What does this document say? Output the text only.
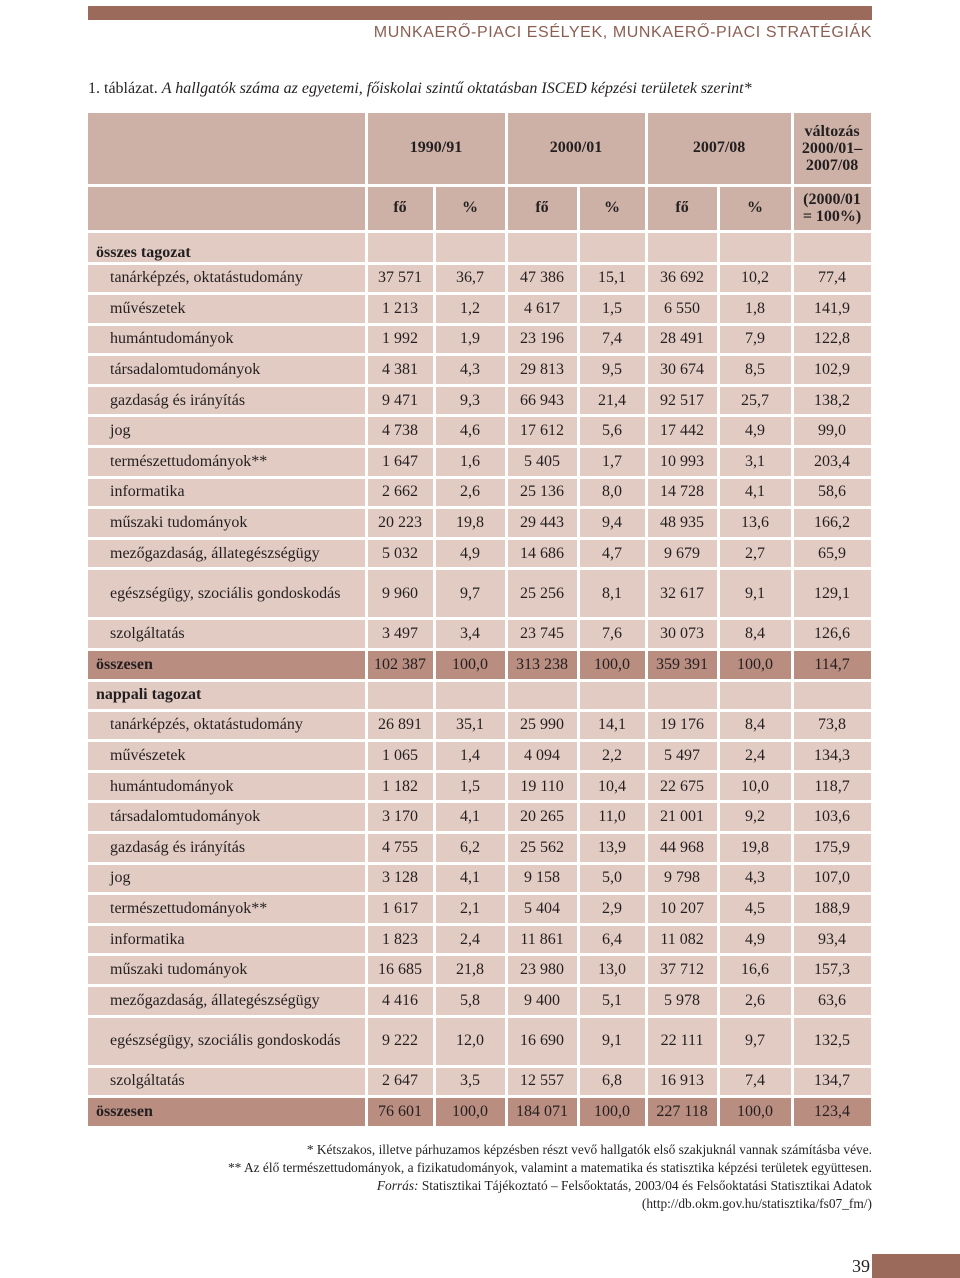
MUNKAERŐ-PIACI ESÉLYEK, MUNKAERŐ-PIACI STRATÉGIÁK
1. táblázat. A hallgatók száma az egyetemi, főiskolai szintű oktatásban ISCED képzési területek szerint*
	1990/91		2000/01		2007/08		változás
2000/01–
2007/08
	fő	%	fő	%	fő	%	(2000/01
= 100%)
összes tagozat							
tanárképzés, oktatástudomány	37 571	36,7	47 386	15,1	36 692	10,2	77,4
művészetek	1 213	1,2	4 617	1,5	6 550	1,8	141,9
humántudományok	1 992	1,9	23 196	7,4	28 491	7,9	122,8
társadalomtudományok	4 381	4,3	29 813	9,5	30 674	8,5	102,9
gazdaság és irányítás	9 471	9,3	66 943	21,4	92 517	25,7	138,2
jog	4 738	4,6	17 612	5,6	17 442	4,9	99,0
természettudományok**	1 647	1,6	5 405	1,7	10 993	3,1	203,4
informatika	2 662	2,6	25 136	8,0	14 728	4,1	58,6
műszaki tudományok	20 223	19,8	29 443	9,4	48 935	13,6	166,2
mezőgazdaság, állategészségügy	5 032	4,9	14 686	4,7	9 679	2,7	65,9
egészségügy, szociális gondoskodás	9 960	9,7	25 256	8,1	32 617	9,1	129,1
szolgáltatás	3 497	3,4	23 745	7,6	30 073	8,4	126,6
összesen	102 387	100,0	313 238	100,0	359 391	100,0	114,7
nappali tagozat							
tanárképzés, oktatástudomány	26 891	35,1	25 990	14,1	19 176	8,4	73,8
művészetek	1 065	1,4	4 094	2,2	5 497	2,4	134,3
humántudományok	1 182	1,5	19 110	10,4	22 675	10,0	118,7
társadalomtudományok	3 170	4,1	20 265	11,0	21 001	9,2	103,6
gazdaság és irányítás	4 755	6,2	25 562	13,9	44 968	19,8	175,9
jog	3 128	4,1	9 158	5,0	9 798	4,3	107,0
természettudományok**	1 617	2,1	5 404	2,9	10 207	4,5	188,9
informatika	1 823	2,4	11 861	6,4	11 082	4,9	93,4
műszaki tudományok	16 685	21,8	23 980	13,0	37 712	16,6	157,3
mezőgazdaság, állategészségügy	4 416	5,8	9 400	5,1	5 978	2,6	63,6
egészségügy, szociális gondoskodás	9 222	12,0	16 690	9,1	22 111	9,7	132,5
szolgáltatás	2 647	3,5	12 557	6,8	16 913	7,4	134,7
összesen	76 601	100,0	184 071	100,0	227 118	100,0	123,4
* Kétszakos, illetve párhuzamos képzésben részt vevő hallgatók első szakjuknál vannak számításba véve.
** Az élő természettudományok, a fizikatudományok, valamint a matematika és statisztika képzési területek együttesen.
Forrás: Statisztikai Tájékoztató – Felsőoktatás, 2003/04 és Felsőoktatási Statisztikai Adatok
(http://db.okm.gov.hu/statisztika/fs07_fm/)
39
